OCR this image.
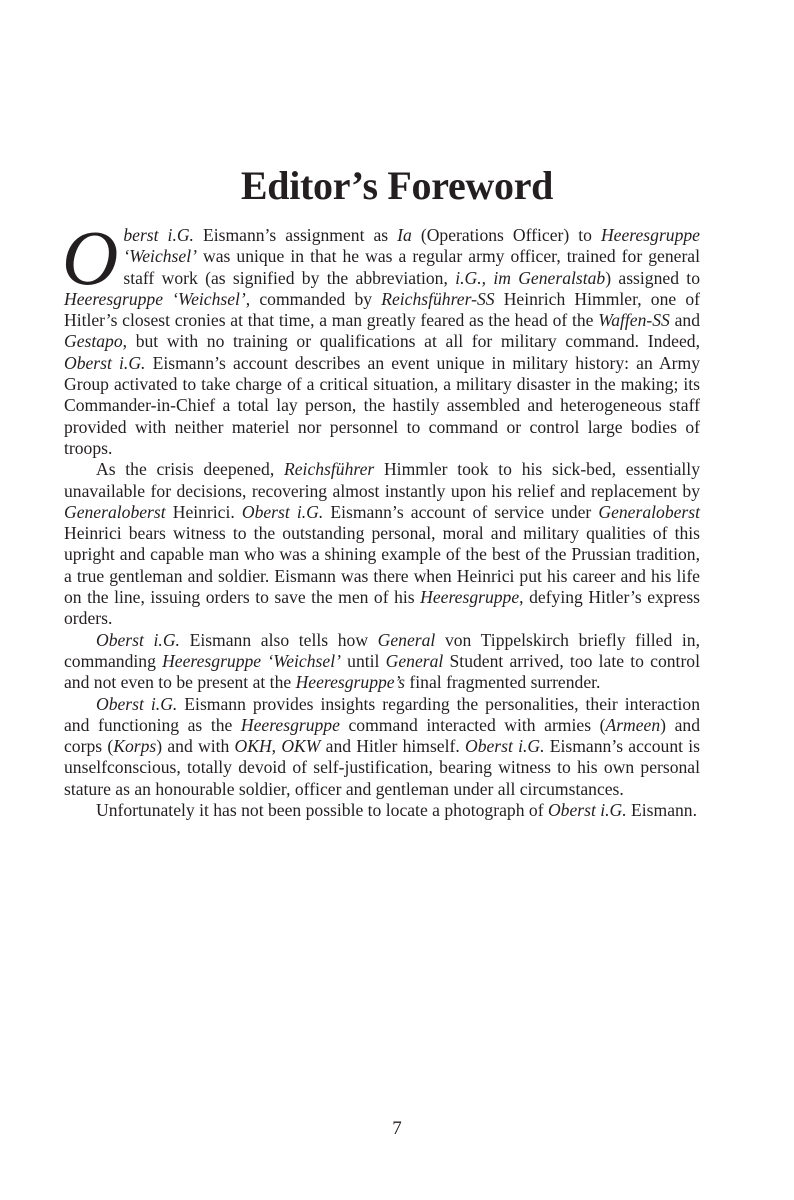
Editor’s Foreword

Oberst i.G. Eismann’s assignment as Ia (Operations Officer) to Heeresgruppe ‘Weichsel’ was unique in that he was a regular army officer, trained for general staff work (as signified by the abbreviation, i.G., im Generalstab) assigned to Heeresgruppe ‘Weichsel’, commanded by Reichsführer-SS Heinrich Himmler, one of Hitler’s closest cronies at that time, a man greatly feared as the head of the Waffen-SS and Gestapo, but with no training or qualifications at all for military command. Indeed, Oberst i.G. Eismann’s account describes an event unique in military history: an Army Group activated to take charge of a critical situation, a military disaster in the making; its Commander-in-Chief a total lay person, the hastily assembled and heterogeneous staff provided with neither materiel nor personnel to command or control large bodies of troops.

As the crisis deepened, Reichsführer Himmler took to his sick-bed, essentially unavailable for decisions, recovering almost instantly upon his relief and replacement by Generaloberst Heinrici. Oberst i.G. Eismann’s account of service under Generaloberst Heinrici bears witness to the outstanding personal, moral and military qualities of this upright and capable man who was a shining example of the best of the Prussian tradition, a true gentleman and soldier. Eismann was there when Heinrici put his career and his life on the line, issuing orders to save the men of his Heeresgruppe, defying Hitler’s express orders.

Oberst i.G. Eismann also tells how General von Tippelskirch briefly filled in, commanding Heeresgruppe ‘Weichsel’ until General Student arrived, too late to control and not even to be present at the Heeresgruppe’s final fragmented surrender.

Oberst i.G. Eismann provides insights regarding the personalities, their interaction and functioning as the Heeresgruppe command interacted with armies (Armeen) and corps (Korps) and with OKH, OKW and Hitler himself. Oberst i.G. Eismann’s account is unselfconscious, totally devoid of self-justification, bearing witness to his own personal stature as an honourable soldier, officer and gentleman under all circumstances.

Unfortunately it has not been possible to locate a photograph of Oberst i.G. Eismann.

7
